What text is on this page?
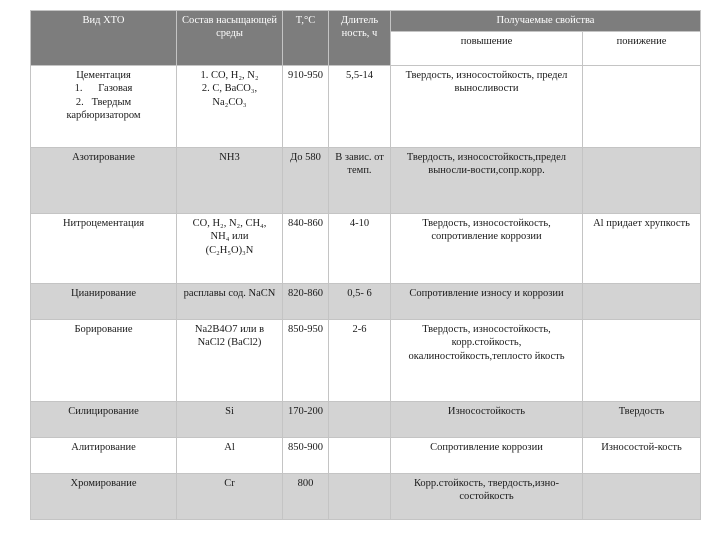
Вид ХТО	Состав насыщающей среды	T,°C	Длитель ность, ч	Получаемые свойства	
				повышение	понижение

Цементация
1.      Газовая
2.   Твердым
карбюризатором	1. CO, H₂, N₂
2. C, BaCO₃,
Na₂CO₃	910-950	5,5-14	Твердость, износостойкость, предел выносливости	
Азотирование	NH3	До 580	В завис. от темп.	Твердость, износостойкость,предел выносли-вости,сопр.корр.	
Нитроцементация	CO, H₂, N₂, CH₄,
NH₄ или
(C₂H₅O)₃N	840-860	4-10	Твердость, износостойкость, сопротивление коррозии	Al придает хрупкость
Цианирование	расплавы сод. NaCN	820-860	0,5- 6	Сопротивление износу и коррозии	
Борирование	Na2B4O7 или в NaCl2 (BaCl2)	850-950	2-6	Твердость, износостойкость, корр.стойкость, окалиностойкость,теплосто йкость	
Силицирование	Si	170-200		Износостойкость	Твердость
Алитирование	Al	850-900		Сопротивление коррозии	Износостой-кость
Хромирование	Cr	800		Корр.стойкость, твердость,изно-состойкость	
